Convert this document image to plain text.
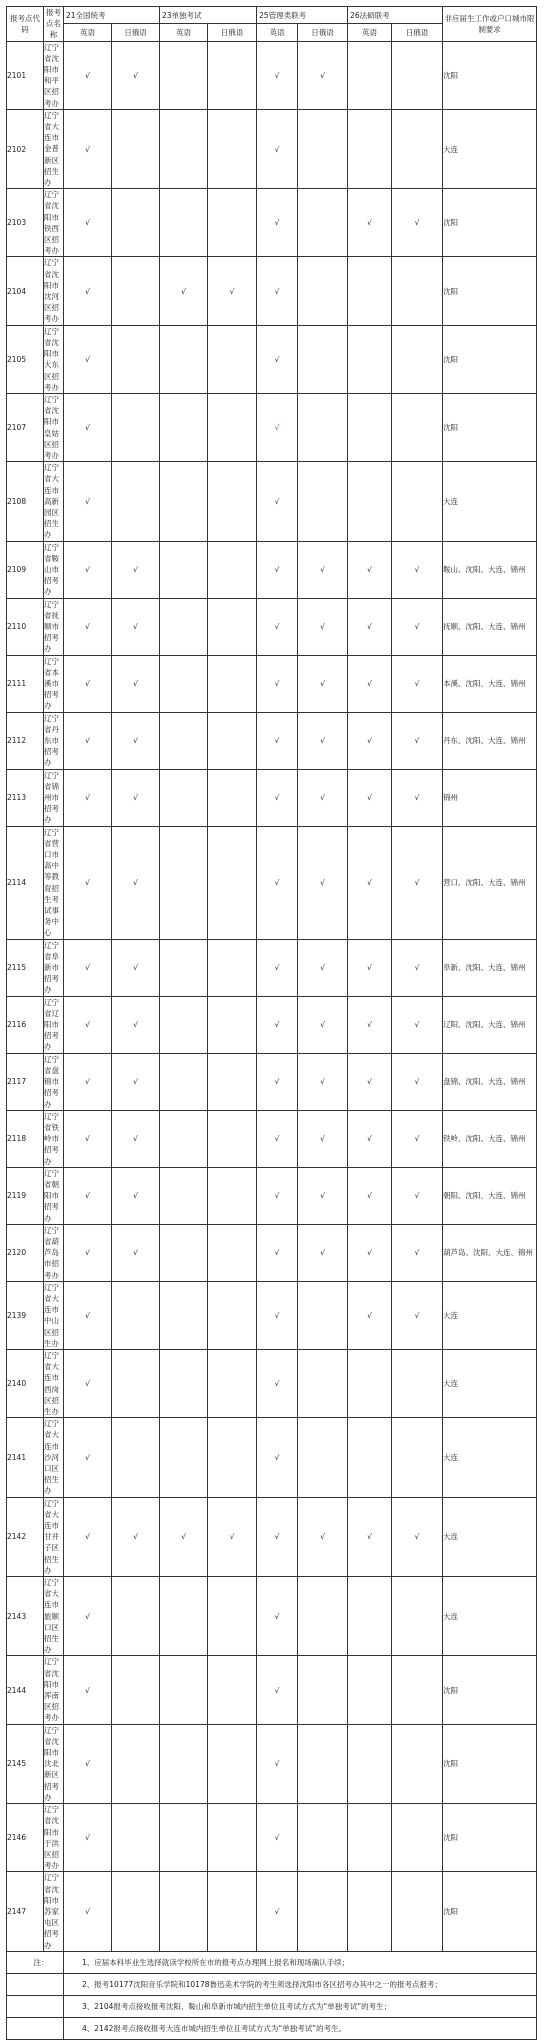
报考点代码	报考点名称	21全国统考		23单独考试		25管理类联考		26法硕联考		非应届生工作或户口城市限制要求
		英语	日俄语	英语	日俄语	英语	日俄语	英语	日俄语	
2101	辽宁省沈阳市和平区招考办	√	√			√	√			沈阳
2102	辽宁省大连市金普新区招生办	√				√				大连
2103	辽宁省沈阳市铁西区招考办	√				√		√	√	沈阳
2104	辽宁省沈阳市沈河区招考办	√		√	√	√				沈阳
2105	辽宁省沈阳市大东区招考办	√				√				沈阳
2107	辽宁省沈阳市皇姑区招考办	√				√				沈阳
2108	辽宁省大连市高新园区招生办	√				√				大连
2109	辽宁省鞍山市招考办	√	√			√	√	√	√	鞍山、沈阳、大连、锦州
2110	辽宁省抚顺市招考办	√	√			√	√	√	√	抚顺、沈阳、大连、锦州
2111	辽宁省本溪市招考办	√	√			√	√	√	√	本溪、沈阳、大连、锦州
2112	辽宁省丹东市招考办	√	√			√	√	√	√	丹东、沈阳、大连、锦州
2113	辽宁省锦州市招考办	√	√			√	√	√	√	锦州
2114	辽宁省营口市高中等教育招生考试事务中心	√	√			√	√	√	√	营口、沈阳、大连、锦州
2115	辽宁省阜新市招考办	√	√			√	√	√	√	阜新、沈阳、大连、锦州
2116	辽宁省辽阳市招考办	√	√			√	√	√	√	辽阳、沈阳、大连、锦州
2117	辽宁省盘锦市招考办	√	√			√	√	√	√	盘锦、沈阳、大连、锦州
2118	辽宁省铁岭市招考办	√	√			√	√	√	√	铁岭、沈阳、大连、锦州
2119	辽宁省朝阳市招考办	√	√			√	√	√	√	朝阳、沈阳、大连、锦州
2120	辽宁省葫芦岛市招考办	√	√			√	√	√	√	葫芦岛、沈阳、大连、锦州
2139	辽宁省大连市中山区招生办	√				√		√	√	大连
2140	辽宁省大连市西岗区招生办	√				√				大连
2141	辽宁省大连市沙河口区招生办	√				√				大连
2142	辽宁省大连市甘井子区招生办	√	√	√	√	√	√	√	√	大连
2143	辽宁省大连市旅顺口区招生办	√				√				大连
2144	辽宁省沈阳市浑南区招考办	√				√				沈阳
2145	辽宁省沈阳市沈北新区招考办	√				√				沈阳
2146	辽宁省沈阳市于洪区招考办	√				√				沈阳
2147	辽宁省沈阳市苏家屯区招考办	√				√				沈阳
注：		1、应届本科毕业生选择就读学校所在市的报考点办理网上报名和现场确认手续；								
		2、报考10177沈阳音乐学院和10178鲁迅美术学院的考生须选择沈阳市各区招考办其中之一的报考点报考；								
		3、2104报考点接收报考沈阳、鞍山和阜新市城内招生单位且考试方式为“单独考试”的考生；								
		4、2142报考点接收报考大连市城内招生单位且考试方式为“单独考试”的考生。								
